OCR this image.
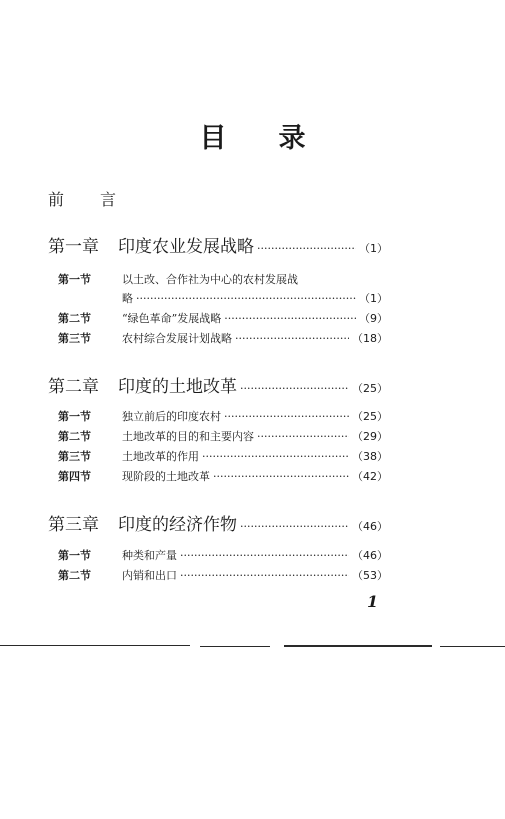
目 录
前 言
第一章	印度农业发展战略 ·····	（1）
第一节	以土改、合作社为中心的农村发展战
略 ·····	（1）
第二节	“绿色革命”发展战略 ·····	（9）
第三节	农村综合发展计划战略 ·····	（18）
第二章	印度的土地改革 ·····	（25）
第一节	独立前后的印度农村 ·····	（25）
第二节	土地改革的目的和主要内容 ·····	（29）
第三节	土地改革的作用 ·····	（38）
第四节	现阶段的土地改革 ·····	（42）
第三章	印度的经济作物 ·····	（46）
第一节	种类和产量 ·····	（46）
第二节	内销和出口 ·····	（53）
1
